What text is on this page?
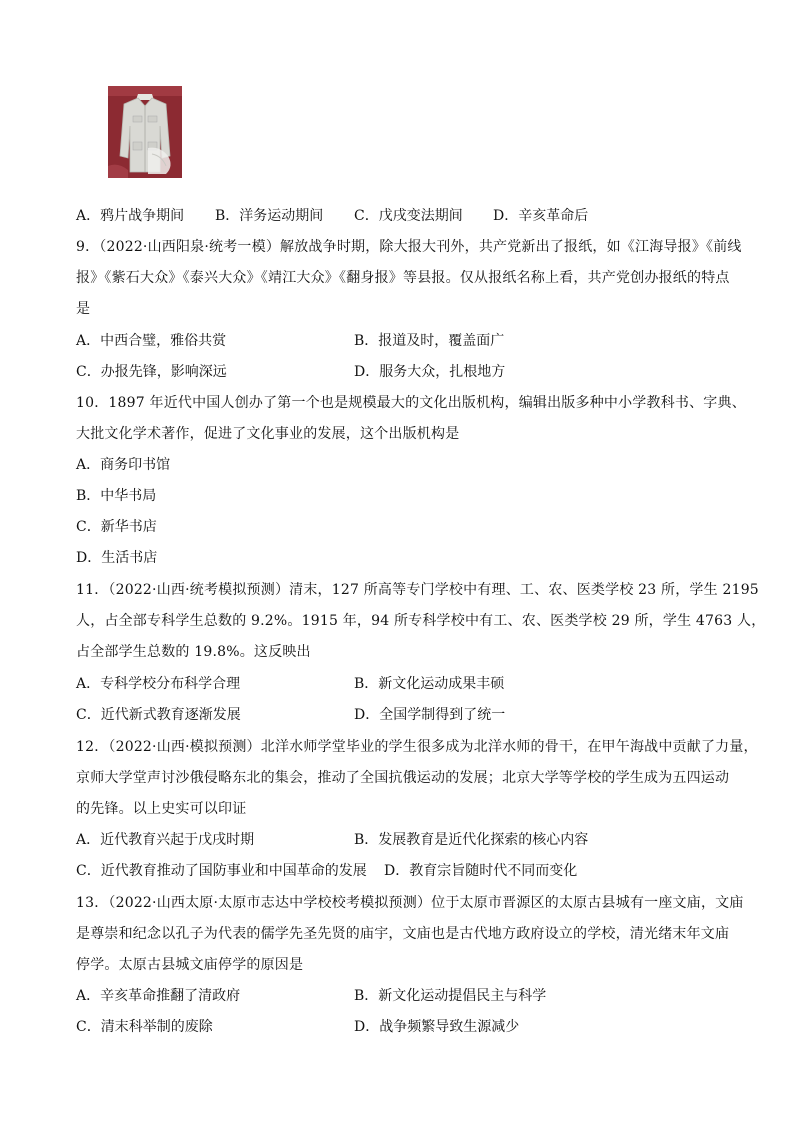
A．鸦片战争期间 B．洋务运动期间 C．戊戌变法期间 D．辛亥革命后
9．（2022·山西阳泉·统考一模）解放战争时期，除大报大刊外，共产党新出了报纸，如《江海导报》《前线
报》《紫石大众》《泰兴大众》《靖江大众》《翻身报》等县报。仅从报纸名称上看，共产党创办报纸的特点
是
A．中西合璧，雅俗共赏	B．报道及时，覆盖面广
C．办报先锋，影响深远	D．服务大众，扎根地方
10．1897 年近代中国人创办了第一个也是规模最大的文化出版机构，编辑出版多种中小学教科书、字典、
大批文化学术著作，促进了文化事业的发展，这个出版机构是
A．商务印书馆
B．中华书局
C．新华书店
D．生活书店
11．（2022·山西·统考模拟预测）清末，127 所高等专门学校中有理、工、农、医类学校 23 所，学生 2195
人，占全部专科学生总数的 9.2%。1915 年，94 所专科学校中有工、农、医类学校 29 所，学生 4763 人，
占全部学生总数的 19.8%。这反映出
A．专科学校分布科学合理	B．新文化运动成果丰硕
C．近代新式教育逐渐发展	D．全国学制得到了统一
12．（2022·山西·模拟预测）北洋水师学堂毕业的学生很多成为北洋水师的骨干，在甲午海战中贡献了力量，
京师大学堂声讨沙俄侵略东北的集会，推动了全国抗俄运动的发展；北京大学等学校的学生成为五四运动
的先锋。以上史实可以印证
A．近代教育兴起于戊戌时期	B．发展教育是近代化探索的核心内容
C．近代教育推动了国防事业和中国革命的发展 D．教育宗旨随时代不同而变化
13．（2022·山西太原·太原市志达中学校校考模拟预测）位于太原市晋源区的太原古县城有一座文庙，文庙
是尊崇和纪念以孔子为代表的儒学先圣先贤的庙宇，文庙也是古代地方政府设立的学校，清光绪末年文庙
停学。太原古县城文庙停学的原因是
A．辛亥革命推翻了清政府	B．新文化运动提倡民主与科学
C．清末科举制的废除	D．战争频繁导致生源减少
